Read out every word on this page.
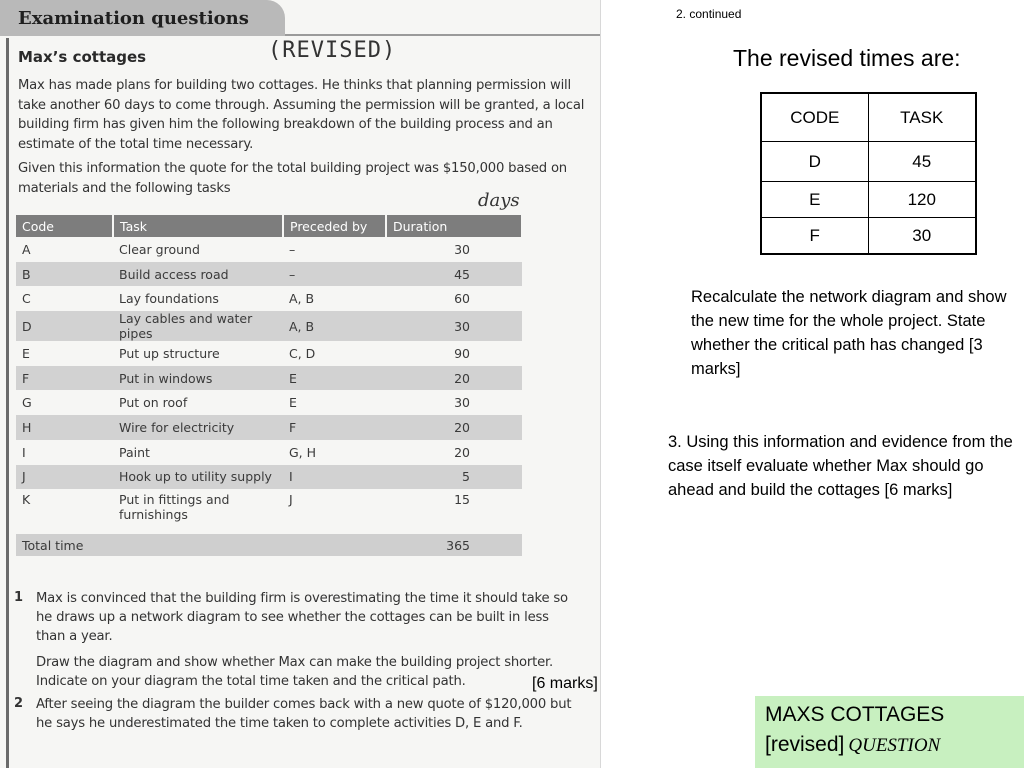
Examination questions
Max’s cottages	(REVISED)

Max has made plans for building two cottages. He thinks that planning permission will take another 60 days to come through. Assuming the permission will be granted, a local building firm has given him the following breakdown of the building process and an estimate of the total time necessary.

Given this information the quote for the total building project was $150,000 based on materials and the following tasks

days
Code	Task	Preceded by	Duration
A	Clear ground	–	30
B	Build access road	–	45
C	Lay foundations	A, B	60
D	Lay cables and water pipes	A, B	30
E	Put up structure	C, D	90
F	Put in windows	E	20
G	Put on roof	E	30
H	Wire for electricity	F	20
I	Paint	G, H	20
J	Hook up to utility supply	I	5
K	Put in fittings and furnishings	J	15
Total time			365
1 Max is convinced that the building firm is overestimating the time it should take so he draws up a network diagram to see whether the cottages can be built in less than a year.

Draw the diagram and show whether Max can make the building project shorter. Indicate on your diagram the total time taken and the critical path.

2 After seeing the diagram the builder comes back with a new quote of $120,000 but he says he underestimated the time taken to complete activities D, E and F.

[6 marks]
2. continued
The revised times are:
CODE	TASK
D	45
E	120
F	30

Recalculate the network diagram and show the new time for the whole project. State whether the critical path has changed [3 marks]

3. Using this information and evidence from the case itself evaluate whether Max should go ahead and build the cottages [6 marks]

MAXS COTTAGES
[revised] QUESTION
